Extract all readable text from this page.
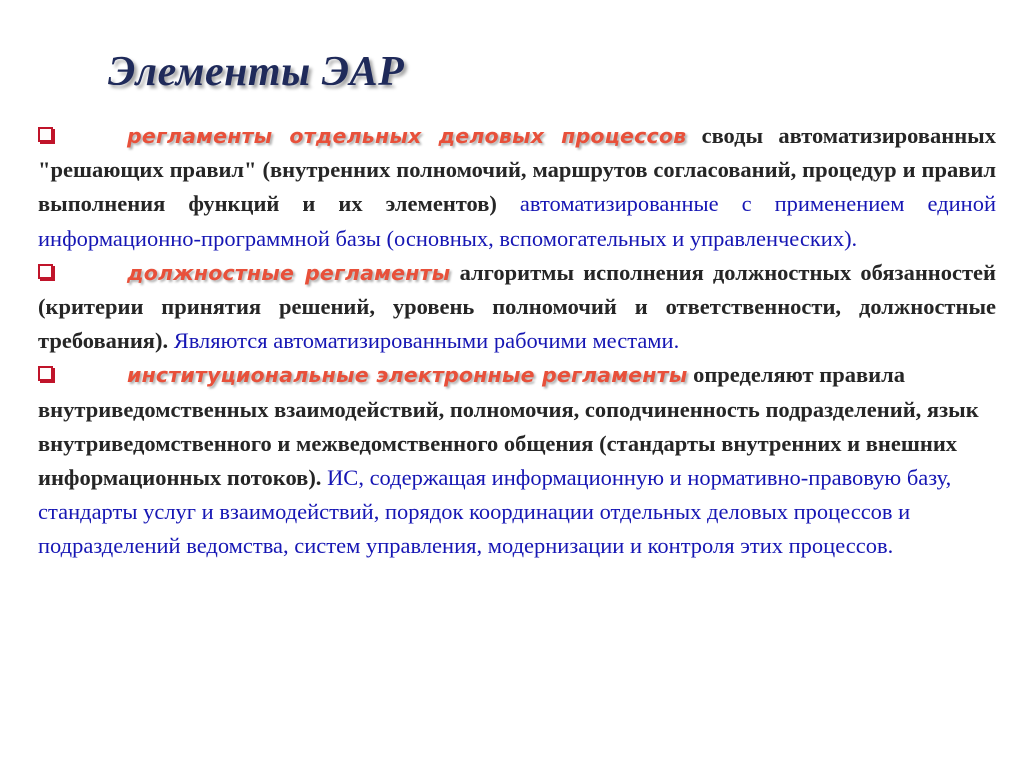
Элементы ЭАР

регламенты отдельных деловых процессов своды автоматизированных "решающих правил" (внутренних полномочий, маршрутов согласований, процедур и правил выполнения функций и их элементов) автоматизированные с применением единой информационно-программной базы (основных, вспомогательных и управленческих).

должностные регламенты алгоритмы исполнения должностных обязанностей (критерии принятия решений, уровень полномочий и ответственности, должностные требования). Являются автоматизированными рабочими местами.

институциональные электронные регламенты определяют правила внутриведомственных взаимодействий, полномочия, соподчиненность подразделений, язык внутриведомственного и межведомственного общения (стандарты внутренних и внешних информационных потоков). ИС, содержащая информационную и нормативно-правовую базу, стандарты услуг и взаимодействий, порядок координации отдельных деловых процессов и подразделений ведомства, систем управления, модернизации и контроля этих процессов.
